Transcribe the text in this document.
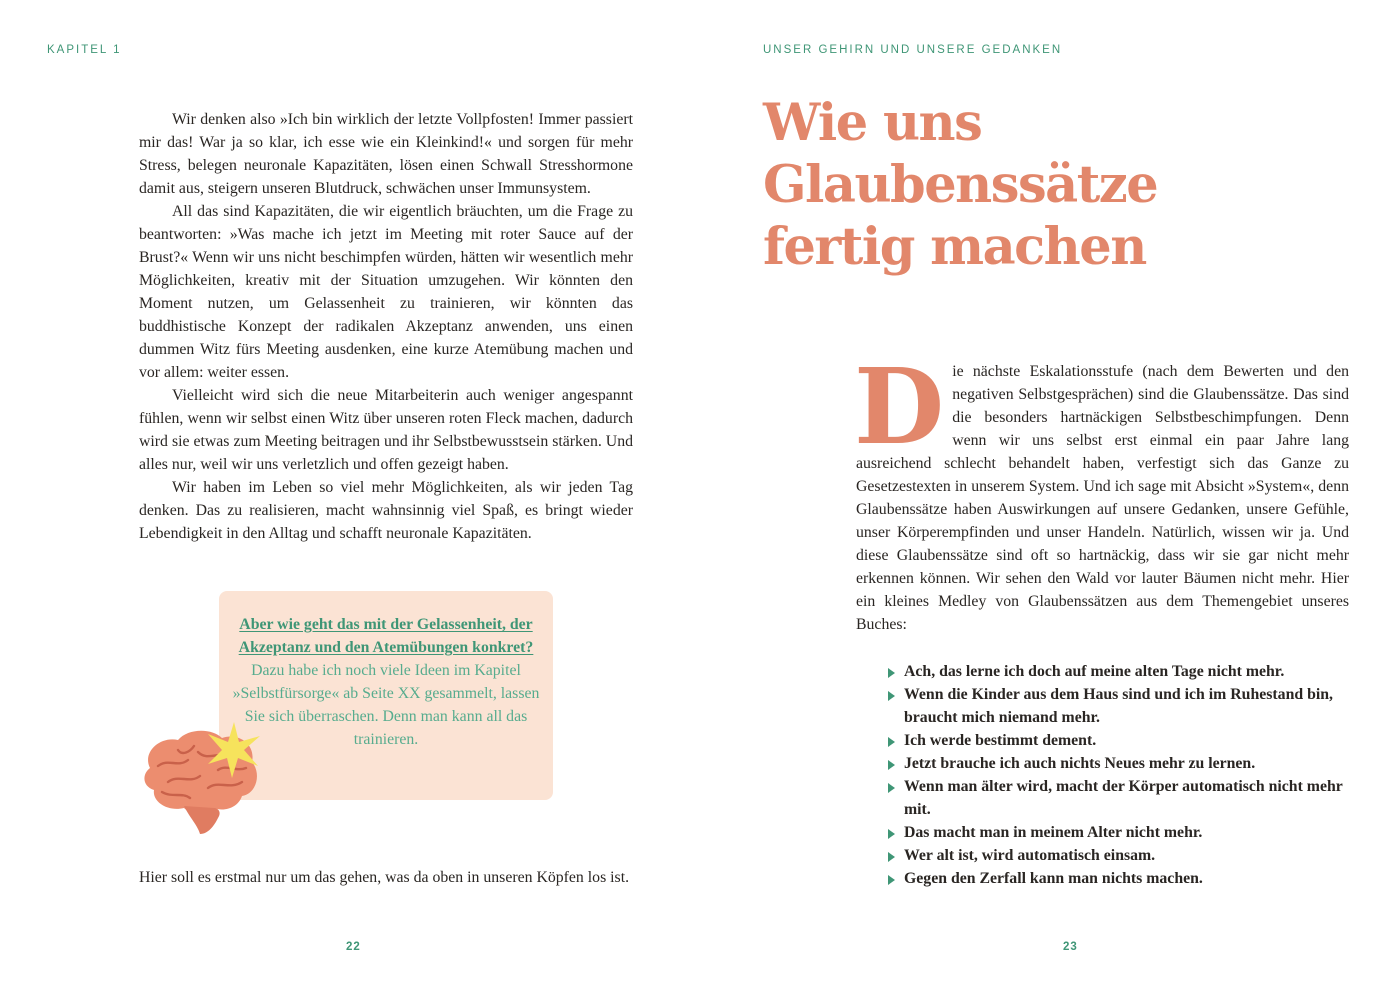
KAPITEL 1

Wir denken also »Ich bin wirklich der letzte Vollpfosten! Immer passiert mir das! War ja so klar, ich esse wie ein Kleinkind!« und sorgen für mehr Stress, belegen neuronale Kapazitäten, lösen einen Schwall Stresshormone damit aus, steigern unseren Blutdruck, schwächen unser Immunsystem.

All das sind Kapazitäten, die wir eigentlich bräuchten, um die Frage zu beantworten: »Was mache ich jetzt im Meeting mit roter Sauce auf der Brust?« Wenn wir uns nicht beschimpfen würden, hätten wir wesentlich mehr Möglichkeiten, kreativ mit der Situation umzugehen. Wir könnten den Moment nutzen, um Gelassenheit zu trainieren, wir könnten das buddhistische Konzept der radikalen Akzeptanz anwenden, uns einen dummen Witz fürs Meeting ausdenken, eine kurze Atemübung machen und vor allem: weiter essen.

Vielleicht wird sich die neue Mitarbeiterin auch weniger angespannt fühlen, wenn wir selbst einen Witz über unseren roten Fleck machen, dadurch wird sie etwas zum Meeting beitragen und ihr Selbstbewusstsein stärken. Und alles nur, weil wir uns verletzlich und offen gezeigt haben.

Wir haben im Leben so viel mehr Möglichkeiten, als wir jeden Tag denken. Das zu realisieren, macht wahnsinnig viel Spaß, es bringt wieder Lebendigkeit in den Alltag und schafft neuronale Kapazitäten.

Aber wie geht das mit der Gelassenheit, der Akzeptanz und den Atemübungen konkret? Dazu habe ich noch viele Ideen im Kapitel »Selbstfürsorge« ab Seite XX gesammelt, lassen Sie sich überraschen. Denn man kann all das trainieren.

Hier soll es erstmal nur um das gehen, was da oben in unseren Köpfen los ist.

22
UNSER GEHIRN UND UNSERE GEDANKEN
Wie uns
Glaubenssätze
fertig machen

Die nächste Eskalationsstufe (nach dem Bewerten und den negativen Selbstgesprächen) sind die Glaubenssätze. Das sind die besonders hartnäckigen Selbstbeschimpfungen. Denn wenn wir uns selbst erst einmal ein paar Jahre lang ausreichend schlecht behandelt haben, verfestigt sich das Ganze zu Gesetzestexten in unserem System. Und ich sage mit Absicht »System«, denn Glaubenssätze haben Auswirkungen auf unsere Gedanken, unsere Gefühle, unser Körperempfinden und unser Handeln. Natürlich, wissen wir ja. Und diese Glaubenssätze sind oft so hartnäckig, dass wir sie gar nicht mehr erkennen können. Wir sehen den Wald vor lauter Bäumen nicht mehr. Hier ein kleines Medley von Glaubenssätzen aus dem Themengebiet unseres Buches:

Ach, das lerne ich doch auf meine alten Tage nicht mehr.
Wenn die Kinder aus dem Haus sind und ich im Ruhestand bin, braucht mich niemand mehr.
Ich werde bestimmt dement.
Jetzt brauche ich auch nichts Neues mehr zu lernen.
Wenn man älter wird, macht der Körper automatisch nicht mehr mit.
Das macht man in meinem Alter nicht mehr.
Wer alt ist, wird automatisch einsam.
Gegen den Zerfall kann man nichts machen.
23
